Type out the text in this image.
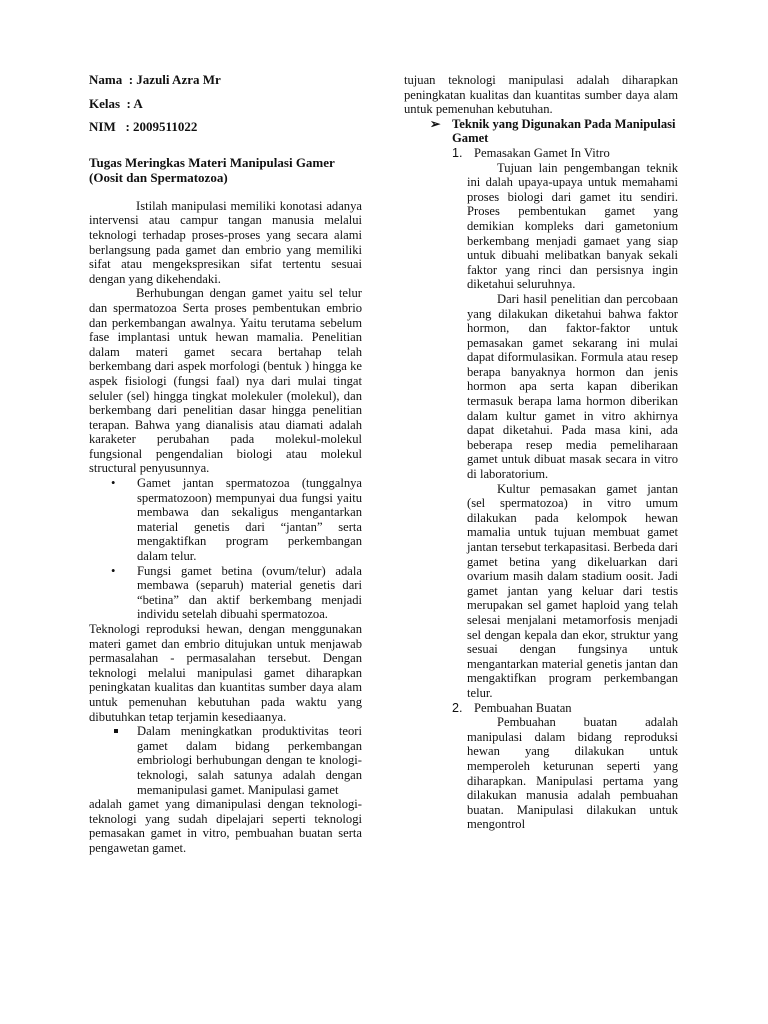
Nama  : Jazuli Azra Mr
Kelas  : A
NIM   : 2009511022
Tugas Meringkas Materi Manipulasi Gamer (Oosit dan Spermatozoa)

Istilah manipulasi memiliki konotasi adanya intervensi atau campur tangan manusia melalui teknologi terhadap proses-proses yang secara alami berlangsung pada gamet dan embrio yang memiliki sifat atau mengekspresikan sifat tertentu sesuai dengan yang dikehendaki.

Berhubungan dengan gamet yaitu sel telur dan spermatozoa Serta proses pembentukan embrio dan perkembangan awalnya. Yaitu terutama sebelum fase implantasi untuk hewan mamalia. Penelitian dalam materi gamet secara bertahap telah berkembang dari aspek morfologi (bentuk ) hingga ke aspek fisiologi (fungsi faal) nya dari mulai tingat seluler (sel) hingga tingkat molekuler (molekul), dan berkembang dari penelitian dasar hingga penelitian terapan. Bahwa yang dianalisis atau diamati adalah karaketer perubahan pada molekul-molekul fungsional pengendalian biologi atau molekul structural penyusunnya.

• Gamet jantan spermatozoa (tunggalnya spermatozoon) mempunyai dua fungsi yaitu membawa dan sekaligus mengantarkan material genetis dari “jantan” serta mengaktifkan program perkembangan dalam telur.
• Fungsi gamet betina (ovum/telur) adala membawa (separuh) material genetis dari “betina” dan aktif berkembang menjadi individu setelah dibuahi spermatozoa.

Teknologi reproduksi hewan, dengan menggunakan materi gamet dan embrio ditujukan untuk menjawab permasalahan - permasalahan tersebut. Dengan teknologi melalui manipulasi gamet diharapkan peningkatan kualitas dan kuantitas sumber daya alam untuk pemenuhan kebutuhan pada waktu yang dibutuhkan tetap terjamin kesediaanya.

Dalam meningkatkan produktivitas teori gamet dalam bidang perkembangan embriologi berhubungan dengan te knologi-teknologi, salah satunya adalah dengan memanipulasi gamet. Manipulasi gamet

adalah gamet yang dimanipulasi dengan teknologi-teknologi yang sudah dipelajari seperti teknologi pemasakan gamet in vitro, pembuahan buatan serta pengawetan gamet.

tujuan teknologi manipulasi adalah diharapkan peningkatan kualitas dan kuantitas sumber daya alam untuk pemenuhan kebutuhan.

➢ Teknik yang Digunakan Pada Manipulasi Gamet
1. Pemasakan Gamet In Vitro

Tujuan lain pengembangan teknik ini dalah upaya-upaya untuk memahami proses biologi dari gamet itu sendiri. Proses pembentukan gamet yang demikian kompleks dari gametonium berkembang menjadi gamaet yang siap untuk dibuahi melibatkan banyak sekali faktor yang rinci dan persisnya ingin diketahui seluruhnya.

Dari hasil penelitian dan percobaan yang dilakukan diketahui bahwa faktor hormon, dan faktor-faktor untuk pemasakan gamet sekarang ini mulai dapat diformulasikan. Formula atau resep berapa banyaknya hormon dan jenis hormon apa serta kapan diberikan termasuk berapa lama hormon diberikan dalam kultur gamet in vitro akhirnya dapat diketahui. Pada masa kini, ada beberapa resep media pemeliharaan gamet untuk dibuat masak secara in vitro di laboratorium.

Kultur pemasakan gamet jantan (sel spermatozoa) in vitro umum dilakukan pada kelompok hewan mamalia untuk tujuan membuat gamet jantan tersebut terkapasitasi. Berbeda dari gamet betina yang dikeluarkan dari ovarium masih dalam stadium oosit. Jadi gamet jantan yang keluar dari testis merupakan sel gamet haploid yang telah selesai menjalani metamorfosis menjadi sel dengan kepala dan ekor, struktur yang sesuai dengan fungsinya untuk mengantarkan material genetis jantan dan mengaktifkan program perkembangan telur.

2. Pembuahan Buatan

Pembuahan buatan adalah manipulasi dalam bidang reproduksi hewan yang dilakukan untuk memperoleh keturunan seperti yang diharapkan. Manipulasi pertama yang dilakukan manusia adalah pembuahan buatan. Manipulasi dilakukan untuk mengontrol
